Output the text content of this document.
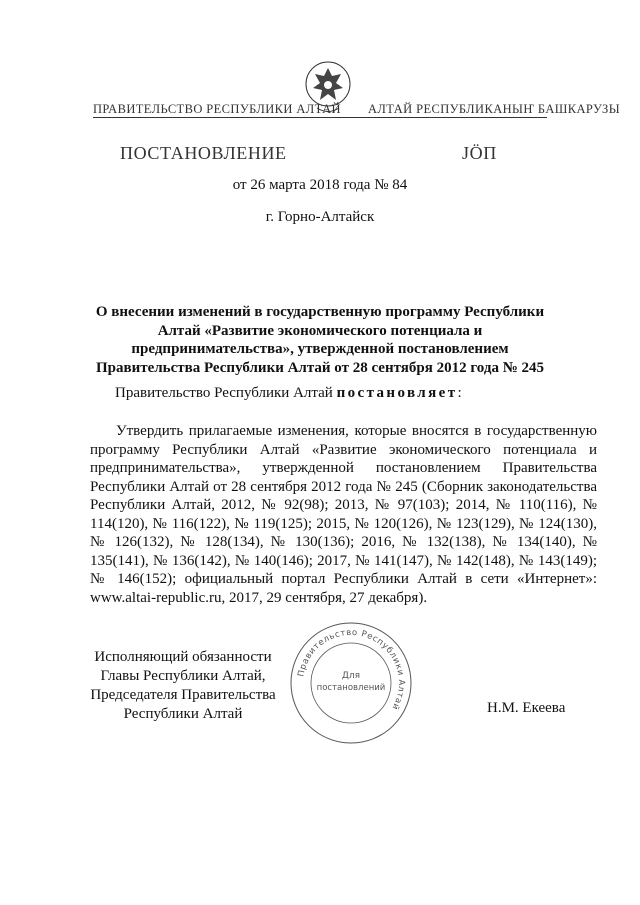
ПРАВИТЕЛЬСТВО РЕСПУБЛИКИ АЛТАЙ АЛТАЙ РЕСПУБЛИКАНЫҤ БАШКАРУЗЫ
ПОСТАНОВЛЕНИЕ	JÖП
от 26 марта 2018 года № 84
г. Горно-Алтайск
О внесении изменений в государственную программу Республики Алтай «Развитие экономического потенциала и предпринимательства», утвержденной постановлением Правительства Республики Алтай от 28 сентября 2012 года № 245
Правительство Республики Алтай постановляет:
Утвердить прилагаемые изменения, которые вносятся в государственную программу Республики Алтай «Развитие экономического потенциала и предпринимательства», утвержденной постановлением Правительства Республики Алтай от 28 сентября 2012 года № 245 (Сборник законодательства Республики Алтай, 2012, № 92(98); 2013, № 97(103); 2014, № 110(116), № 114(120), № 116(122), № 119(125); 2015, № 120(126), № 123(129), № 124(130), № 126(132), № 128(134), № 130(136); 2016, № 132(138), № 134(140), № 135(141), № 136(142), № 140(146); 2017, № 141(147), № 142(148), № 143(149); № 146(152); официальный портал Республики Алтай в сети «Интернет»: www.altai-republic.ru, 2017, 29 сентября, 27 декабря).
Исполняющий обязанности
Главы Республики Алтай,
Председателя Правительства
Республики Алтай
Правительство Республики Алтай
Для
постановлений
Н.М. Екеева
